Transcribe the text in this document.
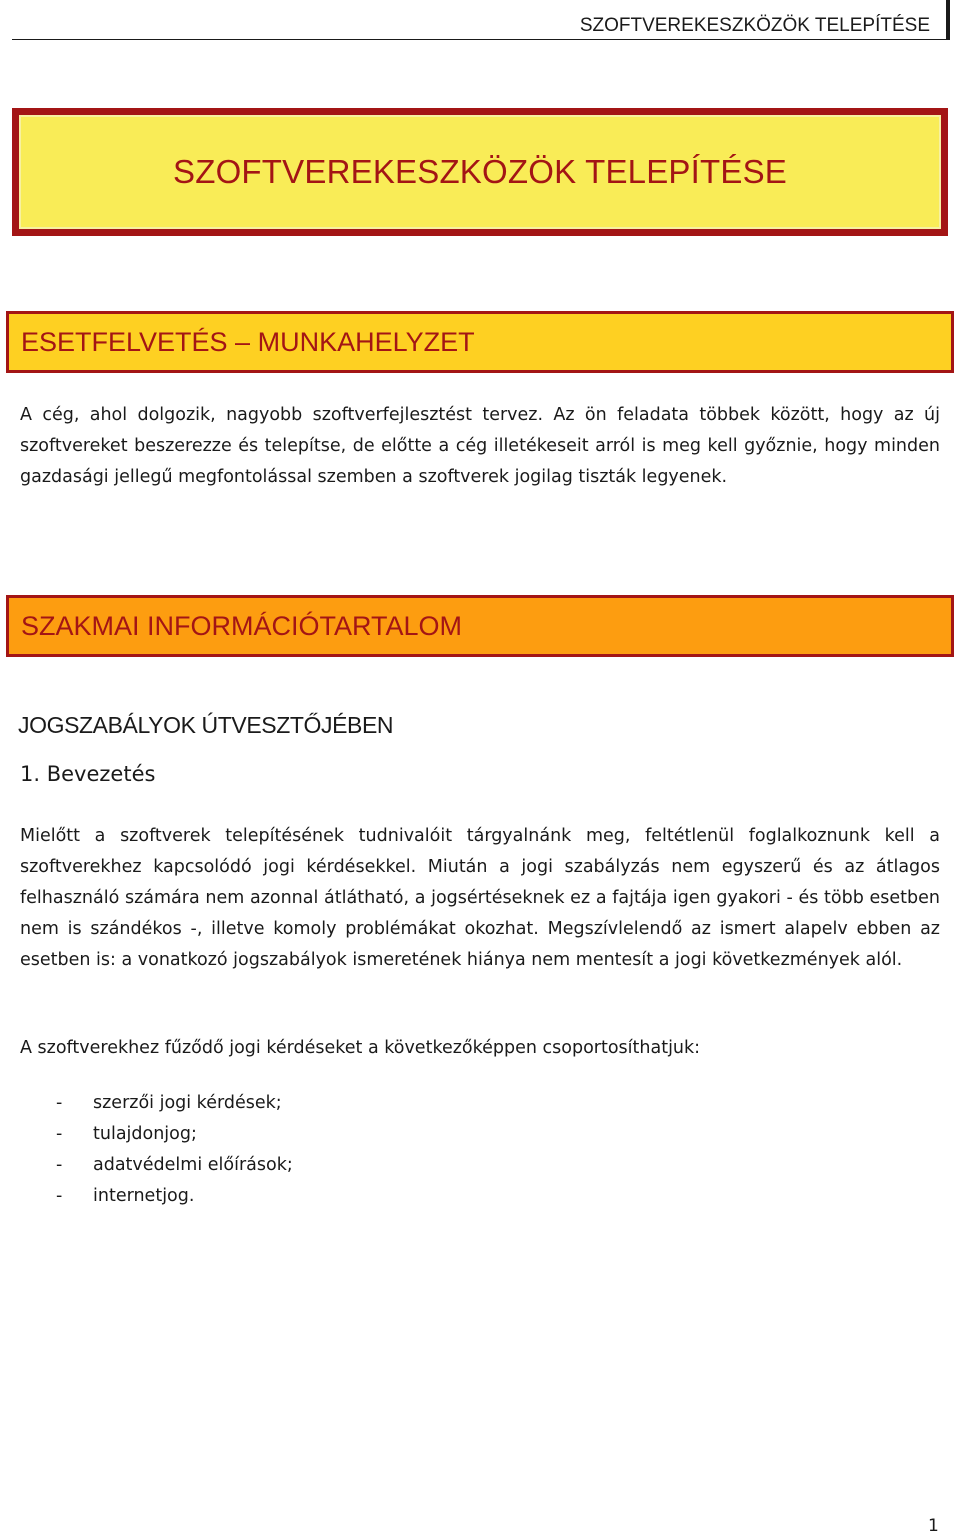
SZOFTVEREKESZKÖZÖK TELEPÍTÉSE
SZOFTVEREKESZKÖZÖK TELEPÍTÉSE
ESETFELVETÉS – MUNKAHELYZET

A cég, ahol dolgozik, nagyobb szoftverfejlesztést tervez. Az ön feladata többek között, hogy az új szoftvereket beszerezze és telepítse, de előtte a cég illetékeseit arról is meg kell győznie, hogy minden gazdasági jellegű megfontolással szemben a szoftverek jogilag tiszták legyenek.

SZAKMAI INFORMÁCIÓTARTALOM
JOGSZABÁLYOK ÚTVESZTŐJÉBEN
1. Bevezetés

Mielőtt a szoftverek telepítésének tudnivalóit tárgyalnánk meg, feltétlenül foglalkoznunk kell a szoftverekhez kapcsolódó jogi kérdésekkel. Miután a jogi szabályzás nem egyszerű és az átlagos felhasználó számára nem azonnal átlátható, a jogsértéseknek ez a fajtája igen gyakori - és több esetben nem is szándékos -, illetve komoly problémákat okozhat. Megszívlelendő az ismert alapelv ebben az esetben is: a vonatkozó jogszabályok ismeretének hiánya nem mentesít a jogi következmények alól.

A szoftverekhez fűződő jogi kérdéseket a következőképpen csoportosíthatjuk:

-	szerzői jogi kérdések;
-	tulajdonjog;
-	adatvédelmi előírások;
-	internetjog.
1
